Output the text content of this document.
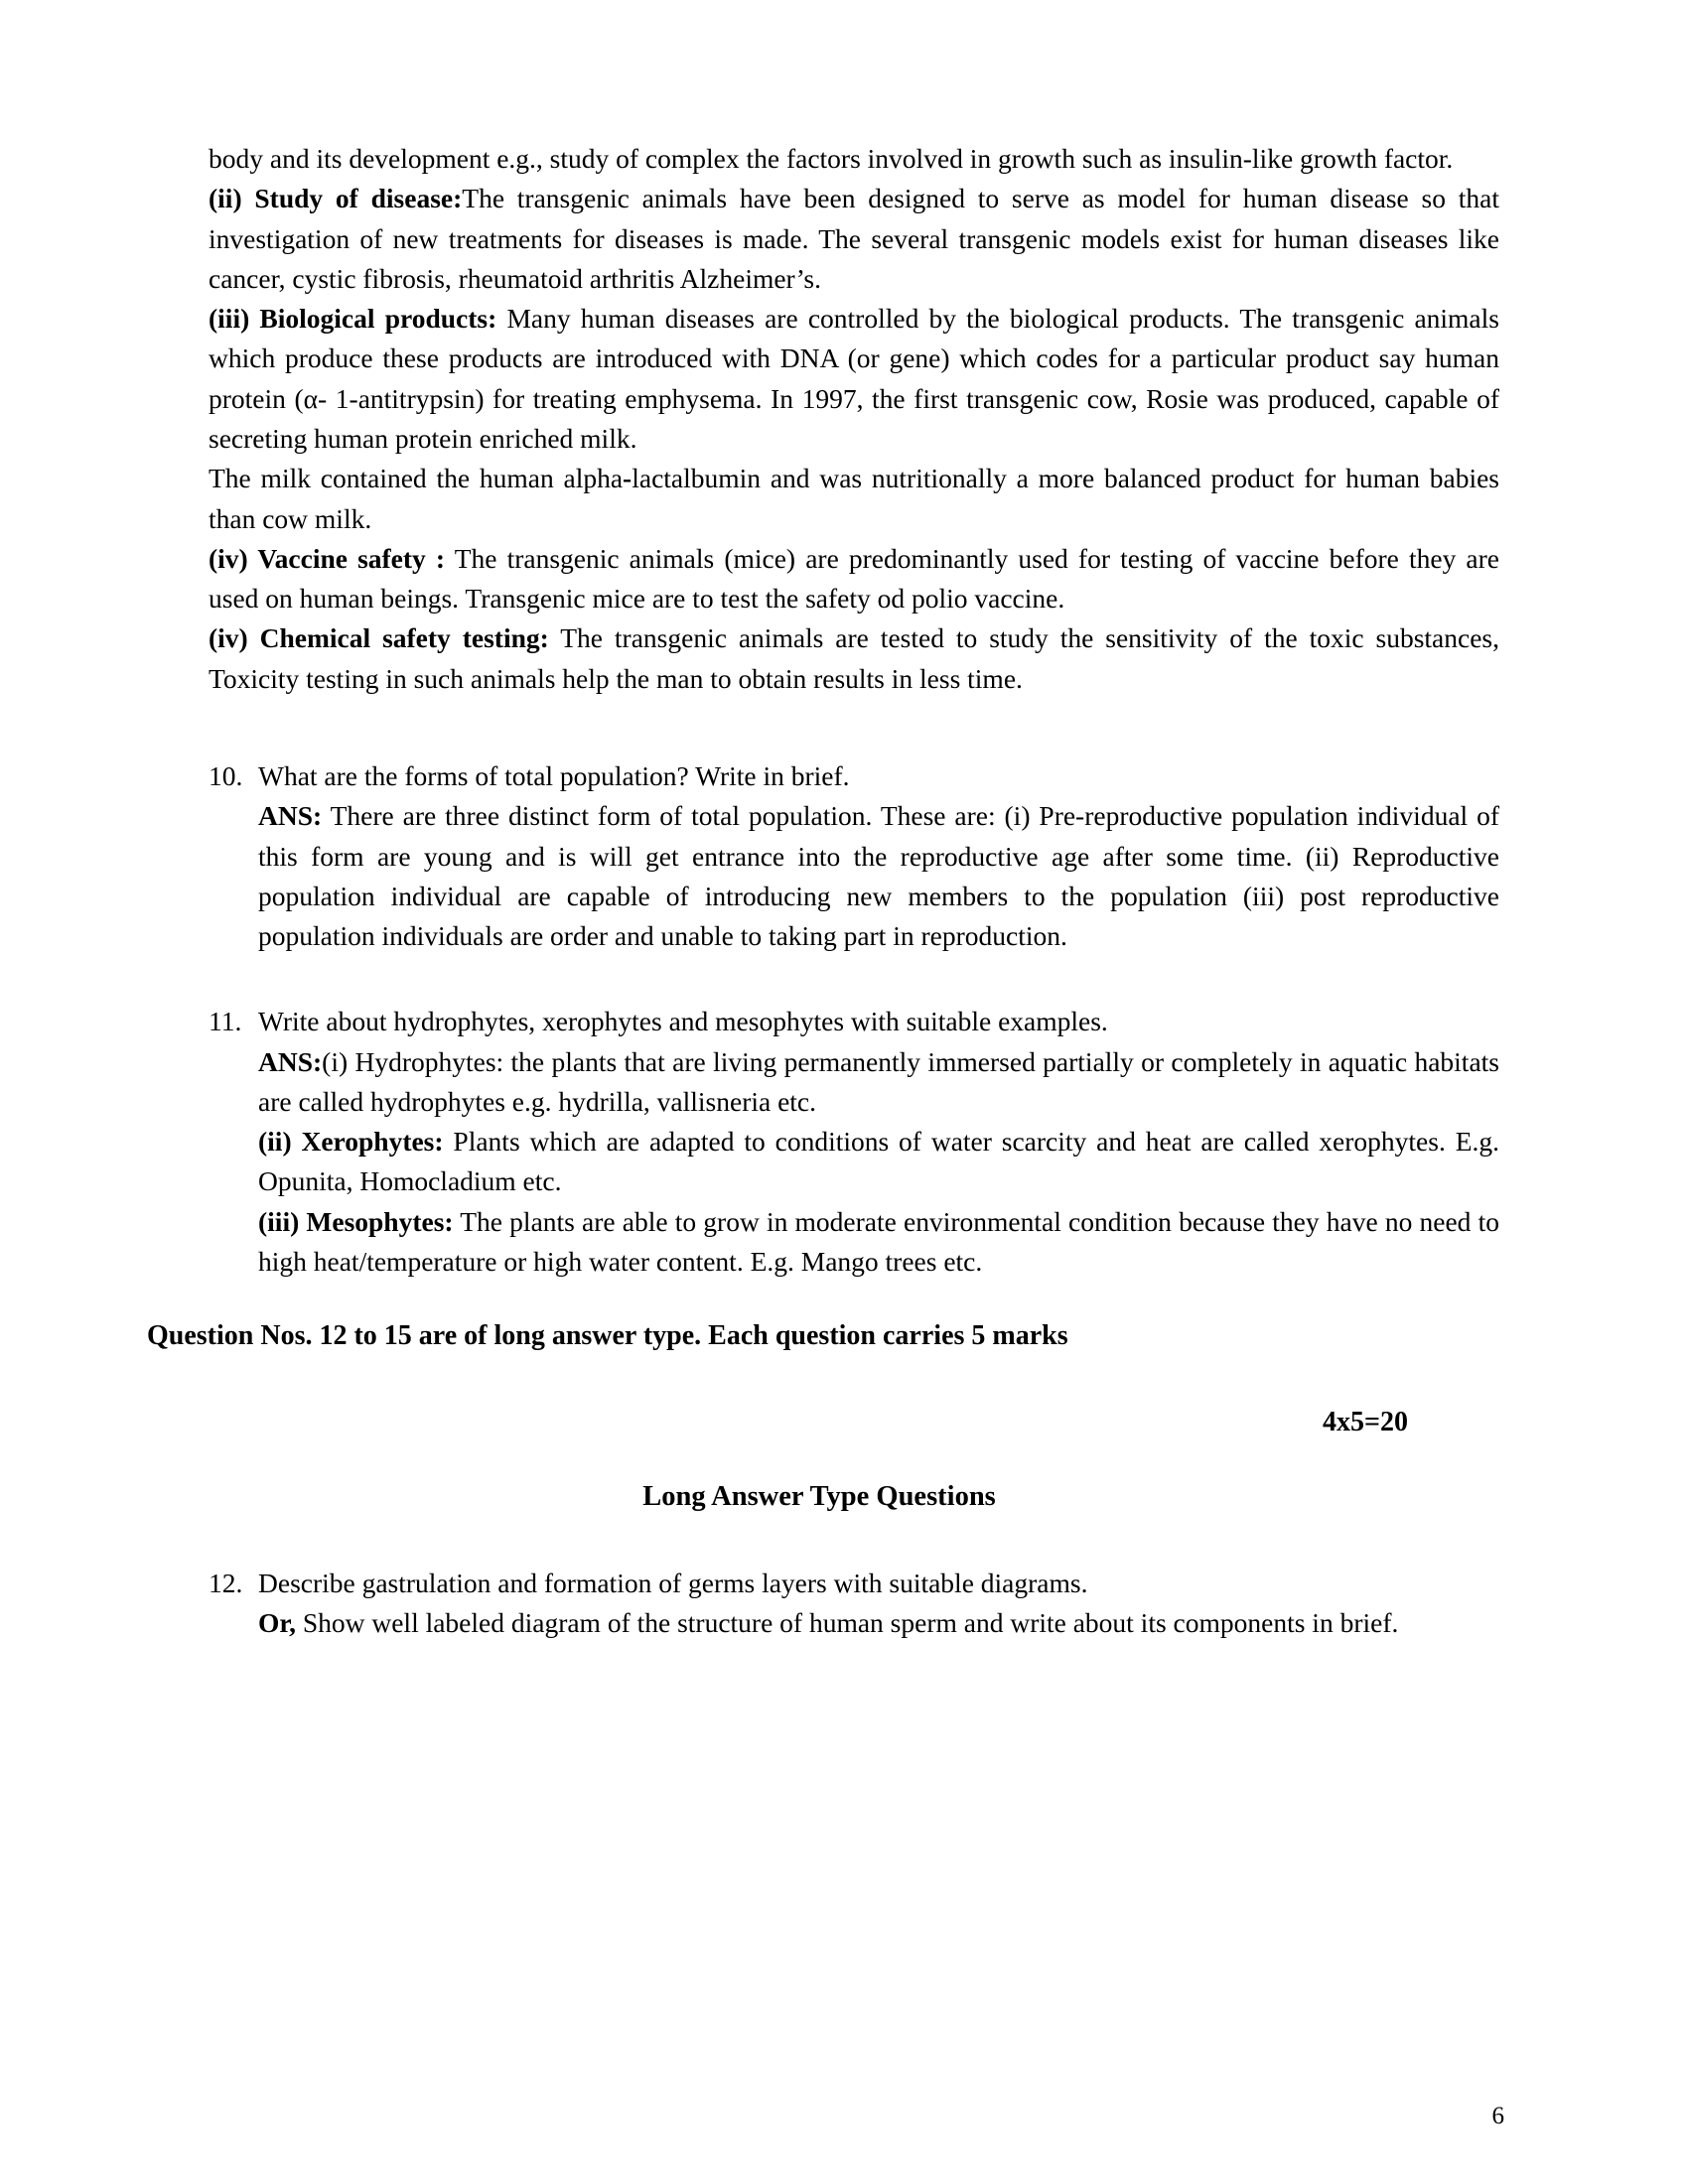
body and its development e.g., study of complex the factors involved in growth such as insulin-like growth factor.

(ii) Study of disease:The transgenic animals have been designed to serve as model for human disease so that investigation of new treatments for diseases is made. The several transgenic models exist for human diseases like cancer, cystic fibrosis, rheumatoid arthritis Alzheimer’s.

(iii) Biological products: Many human diseases are controlled by the biological products. The transgenic animals which produce these products are introduced with DNA (or gene) which codes for a particular product say human protein (α- 1-antitrypsin) for treating emphysema. In 1997, the first transgenic cow, Rosie was produced, capable of secreting human protein enriched milk.

The milk contained the human alpha-lactalbumin and was nutritionally a more balanced product for human babies than cow milk.

(iv) Vaccine safety : The transgenic animals (mice) are predominantly used for testing of vaccine before they are used on human beings. Transgenic mice are to test the safety od polio vaccine.

(iv) Chemical safety testing: The transgenic animals are tested to study the sensitivity of the toxic substances, Toxicity testing in such animals help the man to obtain results in less time.

10. What are the forms of total population? Write in brief.
ANS: There are three distinct form of total population. These are: (i) Pre-reproductive population individual of this form are young and is will get entrance into the reproductive age after some time. (ii) Reproductive population individual are capable of introducing new members to the population (iii) post reproductive population individuals are order and unable to taking part in reproduction.
11. Write about hydrophytes, xerophytes and mesophytes with suitable examples.
ANS:(i) Hydrophytes: the plants that are living permanently immersed partially or completely in aquatic habitats are called hydrophytes e.g. hydrilla, vallisneria etc.
(ii) Xerophytes: Plants which are adapted to conditions of water scarcity and heat are called xerophytes. E.g. Opunita, Homocladium etc.
(iii) Mesophytes: The plants are able to grow in moderate environmental condition because they have no need to high heat/temperature or high water content. E.g. Mango trees etc.
Question Nos. 12 to 15 are of long answer type. Each question carries 5 marks
4x5=20
Long Answer Type Questions
12. Describe gastrulation and formation of germs layers with suitable diagrams.
Or, Show well labeled diagram of the structure of human sperm and write about its components in brief.
6
